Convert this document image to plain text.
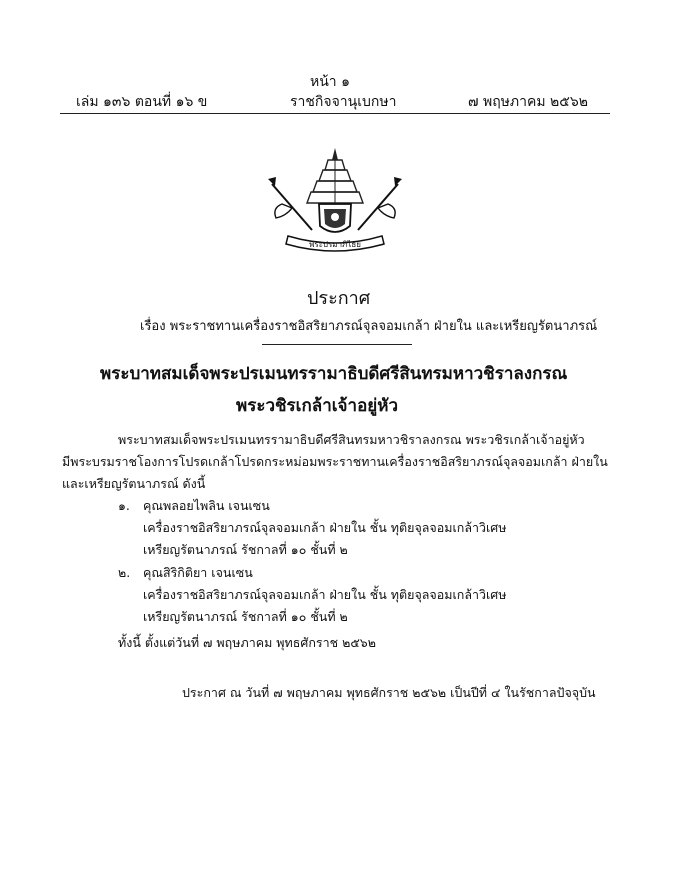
หน้า ๑
เล่ม ๑๓๖ ตอนที่ ๑๖ ข	ราชกิจจานุเบกษา	๗ พฤษภาคม ๒๕๖๒
พระปรมาภิไธย
ประกาศ
เรื่อง พระราชทานเครื่องราชอิสริยาภรณ์จุลจอมเกล้า ฝ่ายใน และเหรียญรัตนาภรณ์
พระบาทสมเด็จพระปรเมนทรรามาธิบดีศรีสินทรมหาวชิราลงกรณ
พระวชิรเกล้าเจ้าอยู่หัว
พระบาทสมเด็จพระปรเมนทรรามาธิบดีศรีสินทรมหาวชิราลงกรณ พระวชิรเกล้าเจ้าอยู่หัว
มีพระบรมราชโองการโปรดเกล้าโปรดกระหม่อมพระราชทานเครื่องราชอิสริยาภรณ์จุลจอมเกล้า ฝ่ายใน
และเหรียญรัตนาภรณ์ ดังนี้
๑. คุณพลอยไพลิน เจนเซน
เครื่องราชอิสริยาภรณ์จุลจอมเกล้า ฝ่ายใน ชั้น ทุติยจุลจอมเกล้าวิเศษ
เหรียญรัตนาภรณ์ รัชกาลที่ ๑๐ ชั้นที่ ๒
๒. คุณสิริกิติยา เจนเซน
เครื่องราชอิสริยาภรณ์จุลจอมเกล้า ฝ่ายใน ชั้น ทุติยจุลจอมเกล้าวิเศษ
เหรียญรัตนาภรณ์ รัชกาลที่ ๑๐ ชั้นที่ ๒
ทั้งนี้ ตั้งแต่วันที่ ๗ พฤษภาคม พุทธศักราช ๒๕๖๒
ประกาศ ณ วันที่ ๗ พฤษภาคม พุทธศักราช ๒๕๖๒ เป็นปีที่ ๔ ในรัชกาลปัจจุบัน
